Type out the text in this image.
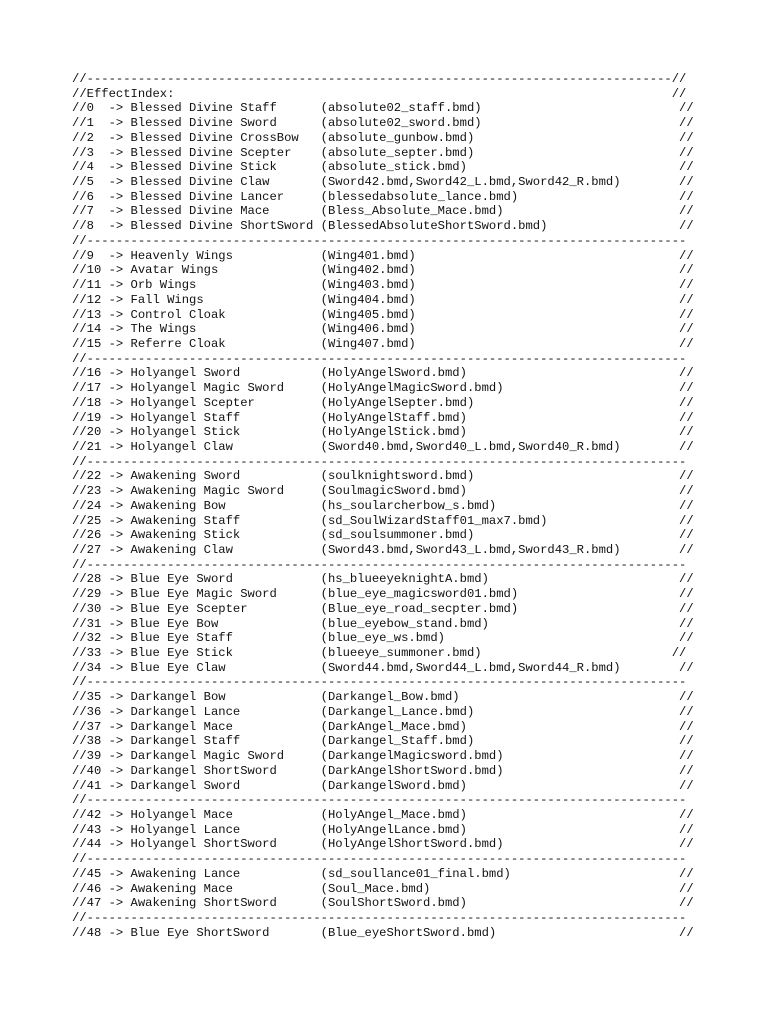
//--------------------------------------------------------------------------------//
//EffectIndex:                                                                    //
//0  -> Blessed Divine Staff      (absolute02_staff.bmd)                           //
//1  -> Blessed Divine Sword      (absolute02_sword.bmd)                           //
//2  -> Blessed Divine CrossBow   (absolute_gunbow.bmd)                            //
//3  -> Blessed Divine Scepter    (absolute_septer.bmd)                            //
//4  -> Blessed Divine Stick      (absolute_stick.bmd)                             //
//5  -> Blessed Divine Claw       (Sword42.bmd,Sword42_L.bmd,Sword42_R.bmd)        //
//6  -> Blessed Divine Lancer     (blessedabsolute_lance.bmd)                      //
//7  -> Blessed Divine Mace       (Bless_Absolute_Mace.bmd)                        //
//8  -> Blessed Divine ShortSword (BlessedAbsoluteShortSword.bmd)                  //
//----------------------------------------------------------------------------------
//9  -> Heavenly Wings            (Wing401.bmd)                                    //
//10 -> Avatar Wings              (Wing402.bmd)                                    //
//11 -> Orb Wings                 (Wing403.bmd)                                    //
//12 -> Fall Wings                (Wing404.bmd)                                    //
//13 -> Control Cloak             (Wing405.bmd)                                    //
//14 -> The Wings                 (Wing406.bmd)                                    //
//15 -> Referre Cloak             (Wing407.bmd)                                    //
//----------------------------------------------------------------------------------
//16 -> Holyangel Sword           (HolyAngelSword.bmd)                             //
//17 -> Holyangel Magic Sword     (HolyAngelMagicSword.bmd)                        //
//18 -> Holyangel Scepter         (HolyAngelSepter.bmd)                            //
//19 -> Holyangel Staff           (HolyAngelStaff.bmd)                             //
//20 -> Holyangel Stick           (HolyAngelStick.bmd)                             //
//21 -> Holyangel Claw            (Sword40.bmd,Sword40_L.bmd,Sword40_R.bmd)        //
//----------------------------------------------------------------------------------
//22 -> Awakening Sword           (soulknightsword.bmd)                            //
//23 -> Awakening Magic Sword     (SoulmagicSword.bmd)                             //
//24 -> Awakening Bow             (hs_soularcherbow_s.bmd)                         //
//25 -> Awakening Staff           (sd_SoulWizardStaff01_max7.bmd)                  //
//26 -> Awakening Stick           (sd_soulsummoner.bmd)                            //
//27 -> Awakening Claw            (Sword43.bmd,Sword43_L.bmd,Sword43_R.bmd)        //
//----------------------------------------------------------------------------------
//28 -> Blue Eye Sword            (hs_blueeyeknightA.bmd)                          //
//29 -> Blue Eye Magic Sword      (blue_eye_magicsword01.bmd)                      //
//30 -> Blue Eye Scepter          (Blue_eye_road_secpter.bmd)                      //
//31 -> Blue Eye Bow              (blue_eyebow_stand.bmd)                          //
//32 -> Blue Eye Staff            (blue_eye_ws.bmd)                                //
//33 -> Blue Eye Stick            (blueeye_summoner.bmd)                          //
//34 -> Blue Eye Claw             (Sword44.bmd,Sword44_L.bmd,Sword44_R.bmd)        //
//----------------------------------------------------------------------------------
//35 -> Darkangel Bow             (Darkangel_Bow.bmd)                              //
//36 -> Darkangel Lance           (Darkangel_Lance.bmd)                            //
//37 -> Darkangel Mace            (DarkAngel_Mace.bmd)                             //
//38 -> Darkangel Staff           (Darkangel_Staff.bmd)                            //
//39 -> Darkangel Magic Sword     (DarkangelMagicsword.bmd)                        //
//40 -> Darkangel ShortSword      (DarkAngelShortSword.bmd)                        //
//41 -> Darkangel Sword           (DarkangelSword.bmd)                             //
//----------------------------------------------------------------------------------
//42 -> Holyangel Mace            (HolyAngel_Mace.bmd)                             //
//43 -> Holyangel Lance           (HolyAngelLance.bmd)                             //
//44 -> Holyangel ShortSword      (HolyAngelShortSword.bmd)                        //
//----------------------------------------------------------------------------------
//45 -> Awakening Lance           (sd_soullance01_final.bmd)                       //
//46 -> Awakening Mace            (Soul_Mace.bmd)                                  //
//47 -> Awakening ShortSword      (SoulShortSword.bmd)                             //
//----------------------------------------------------------------------------------
//48 -> Blue Eye ShortSword       (Blue_eyeShortSword.bmd)                         //
